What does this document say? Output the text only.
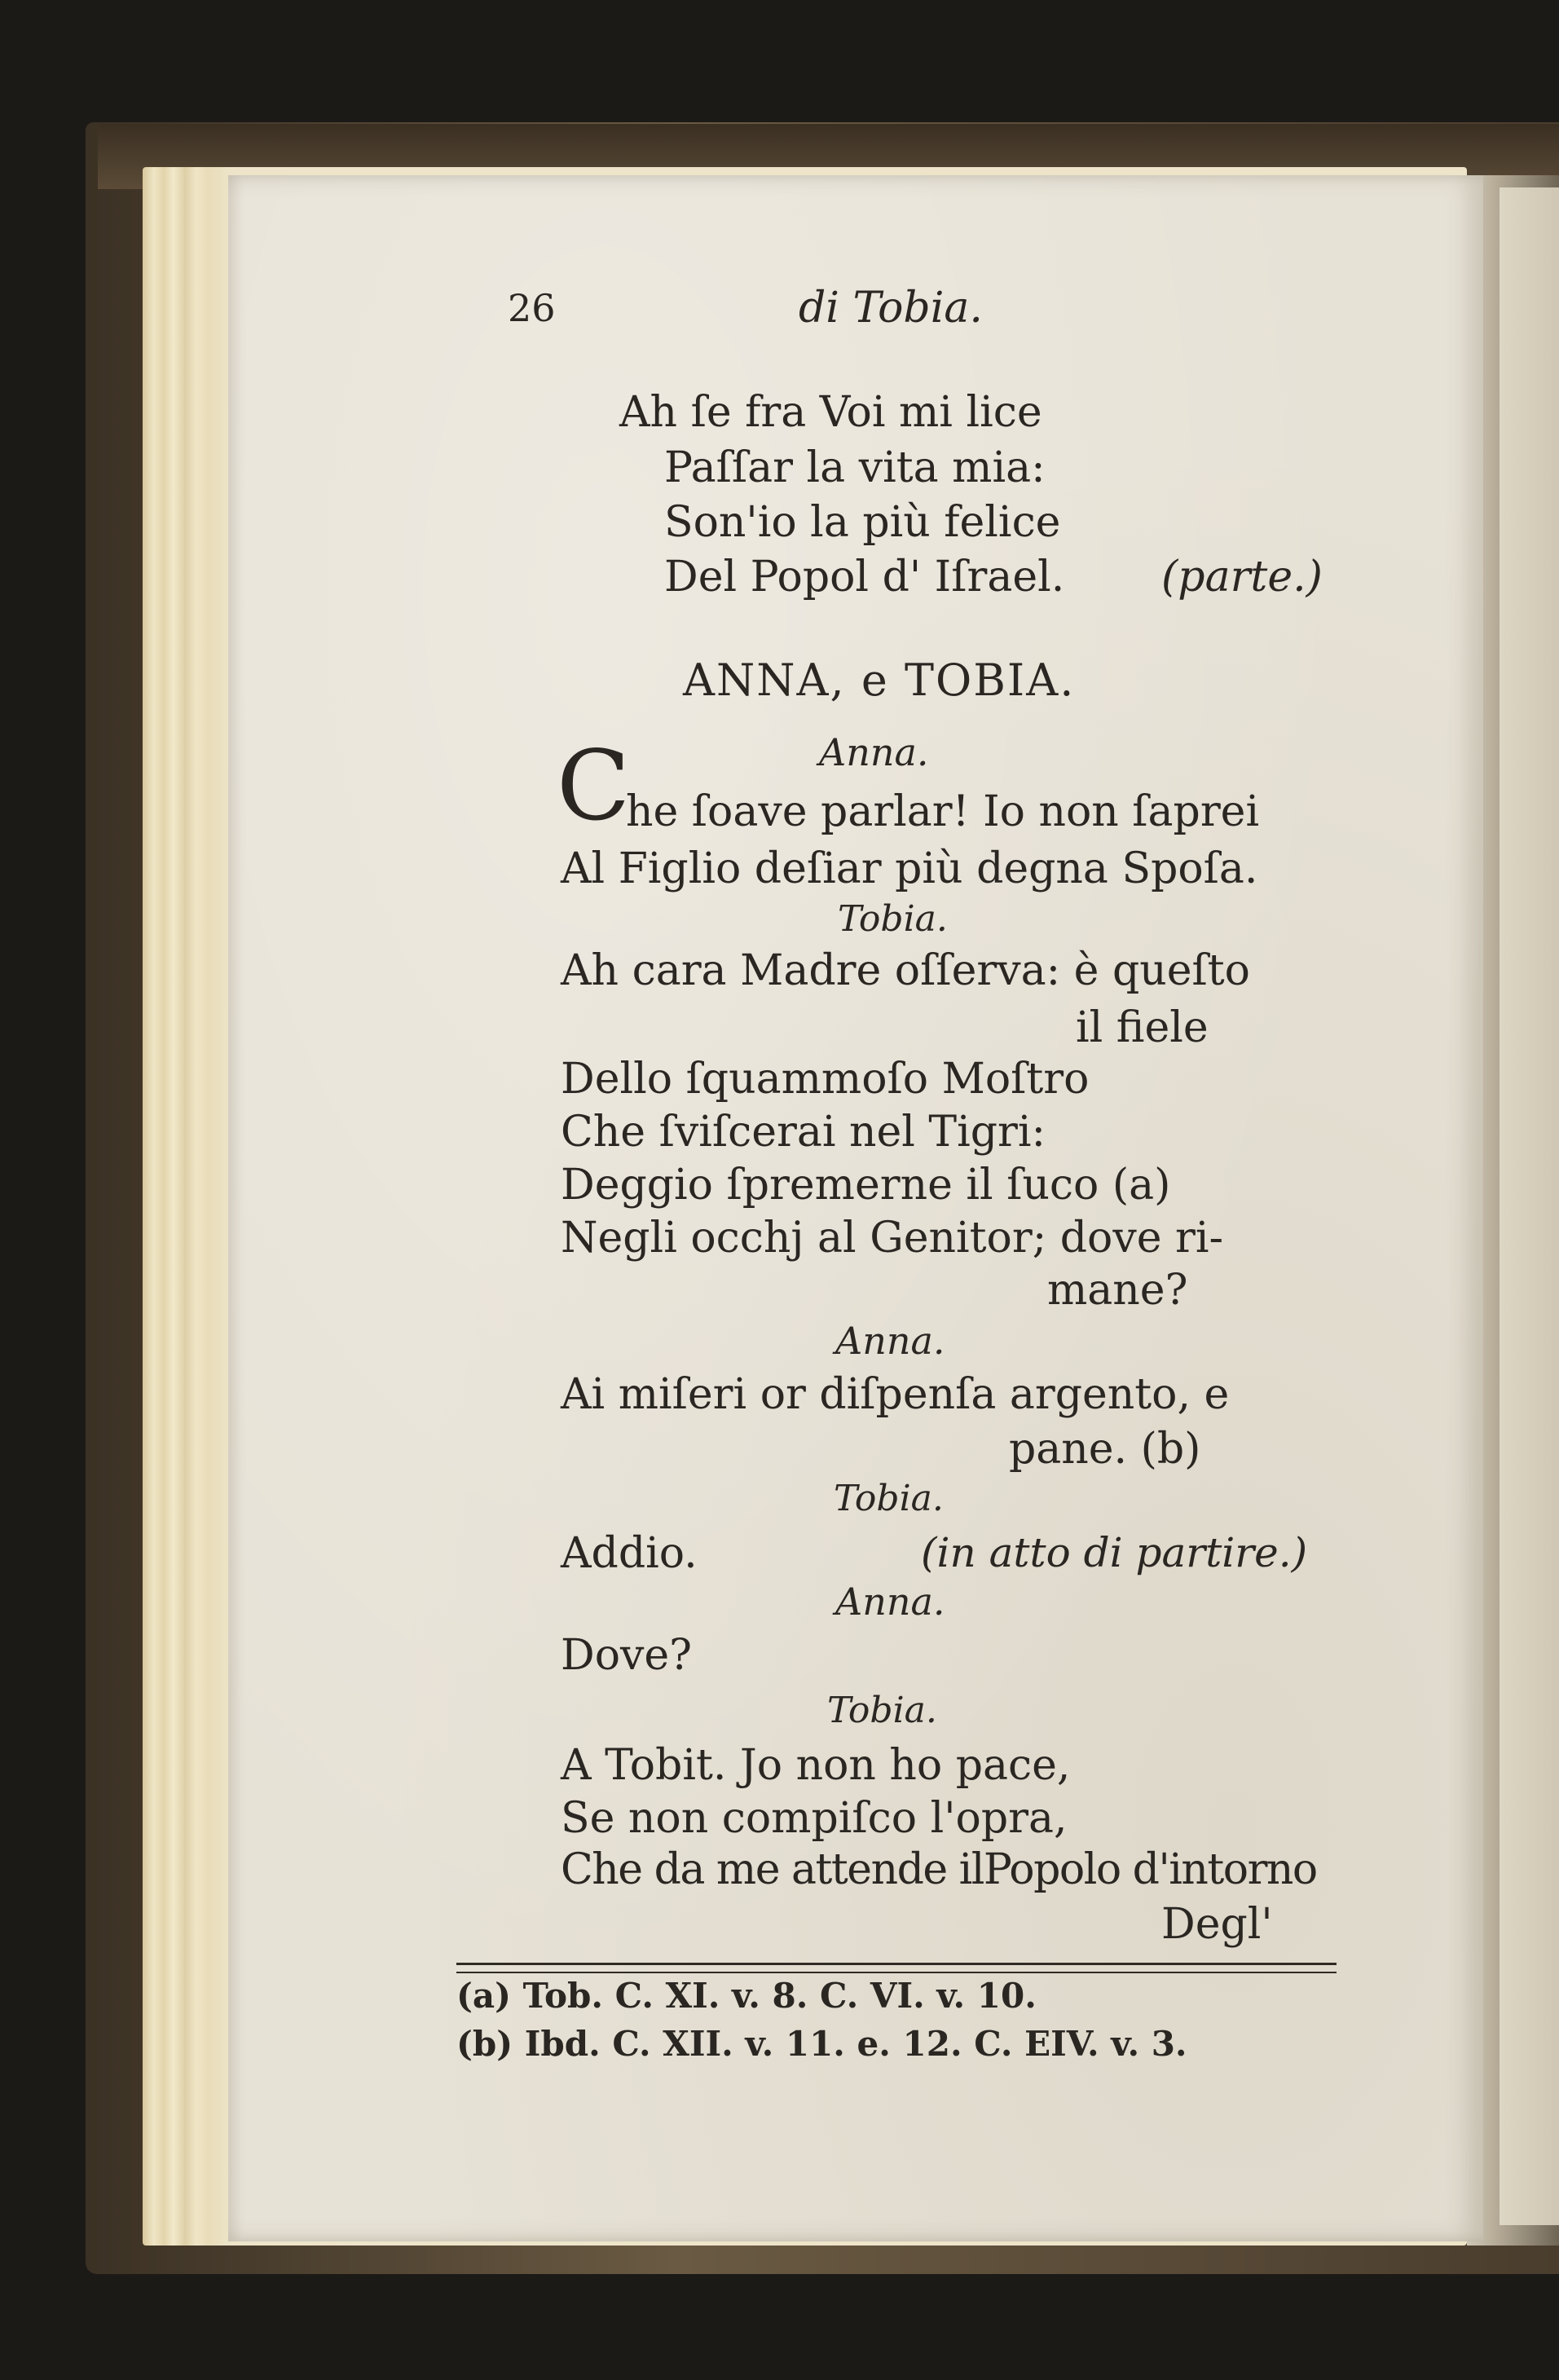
26	di Tobia.
Ah ſe fra Voi mi lice
Paſſar la vita mia:
Son'io la più felice
Del Popol d' Iſrael. (parte.)
ANNA, e TOBIA.
C	Anna.
he ſoave parlar! Io non ſaprei
Al Figlio deſiar più degna Spoſa.
Tobia.
Ah cara Madre oſſerva: è queſto
il fiele
Dello ſquammoſo Moſtro
Che ſviſcerai nel Tigri:
Deggio ſpremerne il ſuco (a)
Negli occhj al Genitor; dove ri-
mane?
Anna.
Ai miſeri or diſpenſa argento, e
pane. (b)
Tobia.
Addio.	(in atto di partire.)
Anna.
Dove?
Tobia.
A Tobit. Jo non ho pace,
Se non compiſco l'opra,
Che da me attende ilPopolo d'intorno
Degl'
(a) Tob. C. XI. v. 8. C. VI. v. 10.
(b) Ibd. C. XII. v. 11. e. 12. C. EIV. v. 3.
